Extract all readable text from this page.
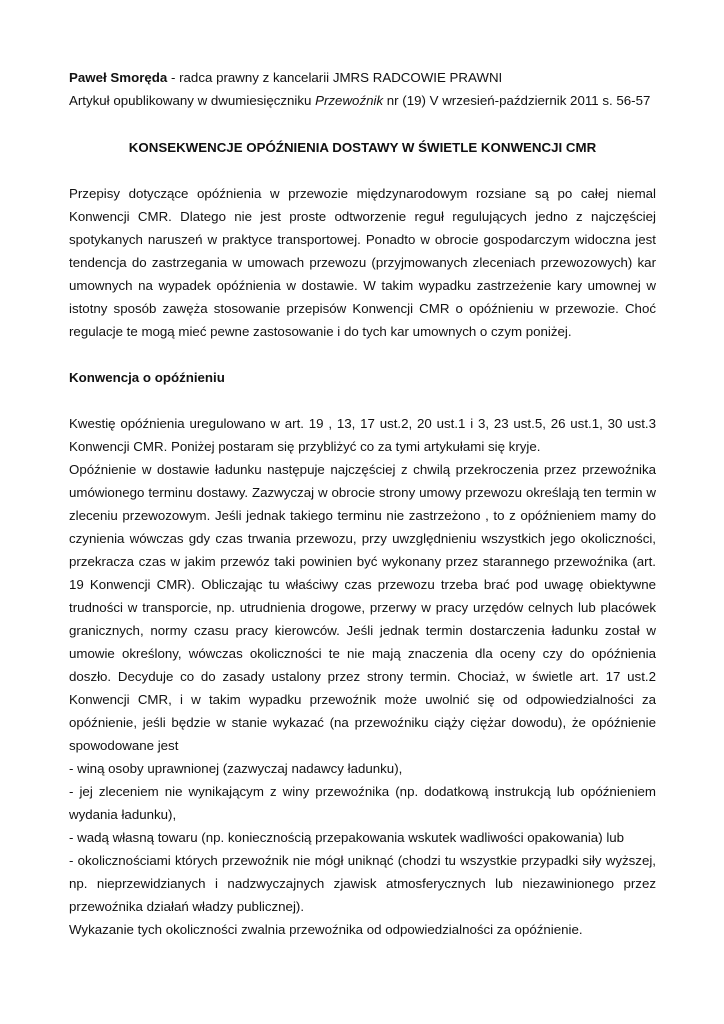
Paweł Smoręda - radca prawny z kancelarii JMRS RADCOWIE PRAWNI

Artykuł opublikowany w dwumiesięczniku Przewoźnik nr (19) V wrzesień-październik 2011 s. 56-57

KONSEKWENCJE OPÓŹNIENIA DOSTAWY W ŚWIETLE KONWENCJI CMR

Przepisy dotyczące opóźnienia w przewozie międzynarodowym rozsiane są po całej niemal Konwencji CMR. Dlatego nie jest proste odtworzenie reguł regulujących jedno z najczęściej spotykanych naruszeń w praktyce transportowej. Ponadto w obrocie gospodarczym widoczna jest tendencja do zastrzegania w umowach przewozu (przyjmowanych zleceniach przewozowych) kar umownych na wypadek opóźnienia w dostawie. W takim wypadku zastrzeżenie kary umownej w istotny sposób zawęża stosowanie przepisów Konwencji CMR o opóźnieniu w przewozie. Choć regulacje te mogą mieć pewne zastosowanie i do tych kar umownych o czym poniżej.

Konwencja o opóźnieniu

Kwestię opóźnienia uregulowano w art. 19 , 13, 17 ust.2, 20 ust.1 i 3, 23 ust.5, 26 ust.1, 30 ust.3 Konwencji CMR. Poniżej postaram się przybliżyć co za tymi artykułami się kryje.

Opóźnienie w dostawie ładunku następuje najczęściej z chwilą przekroczenia przez przewoźnika umówionego terminu dostawy. Zazwyczaj w obrocie strony umowy przewozu określają ten termin w zleceniu przewozowym. Jeśli jednak takiego terminu nie zastrzeżono , to z opóźnieniem mamy do czynienia wówczas gdy czas trwania przewozu, przy uwzględnieniu wszystkich jego okoliczności, przekracza czas w jakim przewóz taki powinien być wykonany przez starannego przewoźnika (art. 19 Konwencji CMR). Obliczając tu właściwy czas przewozu trzeba brać pod uwagę obiektywne trudności w transporcie, np. utrudnienia drogowe, przerwy w pracy urzędów celnych lub placówek granicznych, normy czasu pracy kierowców. Jeśli jednak termin dostarczenia ładunku został w umowie określony, wówczas okoliczności te nie mają znaczenia dla oceny czy do opóźnienia doszło. Decyduje co do zasady ustalony przez strony termin. Chociaż, w świetle art. 17 ust.2 Konwencji CMR, i w takim wypadku przewoźnik może uwolnić się od odpowiedzialności za opóźnienie, jeśli będzie w stanie wykazać (na przewoźniku ciąży ciężar dowodu), że opóźnienie spowodowane jest

- winą osoby uprawnionej (zazwyczaj nadawcy ładunku),

- jej zleceniem nie wynikającym z winy przewoźnika (np. dodatkową instrukcją lub opóźnieniem wydania ładunku),

- wadą własną towaru (np. koniecznością przepakowania wskutek wadliwości opakowania) lub

- okolicznościami których przewoźnik nie mógł uniknąć (chodzi tu wszystkie przypadki siły wyższej, np. nieprzewidzianych i nadzwyczajnych zjawisk atmosferycznych lub niezawinionego przez przewoźnika działań władzy publicznej).

Wykazanie tych okoliczności zwalnia przewoźnika od odpowiedzialności za opóźnienie.
